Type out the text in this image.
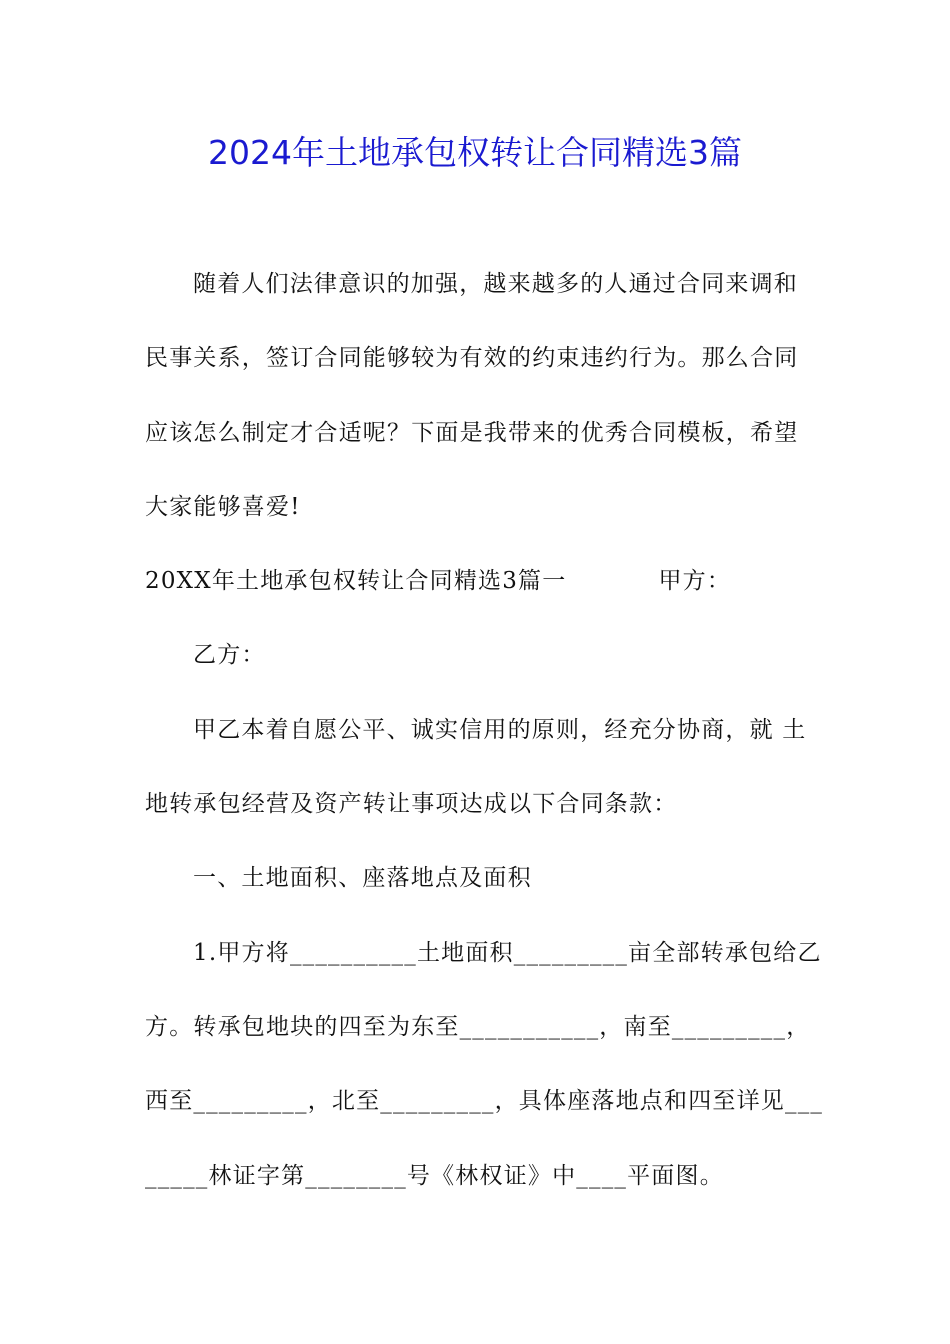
2024年土地承包权转让合同精选3篇
随着人们法律意识的加强，越来越多的人通过合同来调和
民事关系，签订合同能够较为有效的约束违约行为。那么合同
应该怎么制定才合适呢？下面是我带来的优秀合同模板，希望
大家能够喜爱!
20XX年土地承包权转让合同精选3篇一	甲方：
乙方：
甲乙本着自愿公平、诚实信用的原则，经充分协商，就 土
地转承包经营及资产转让事项达成以下合同条款：
一、土地面积、座落地点及面积
1.甲方将__________土地面积_________亩全部转承包给乙
方。转承包地块的四至为东至___________，南至_________，
西至_________，北至_________，具体座落地点和四至详见___
_____林证字第________号《林权证》中____平面图。
